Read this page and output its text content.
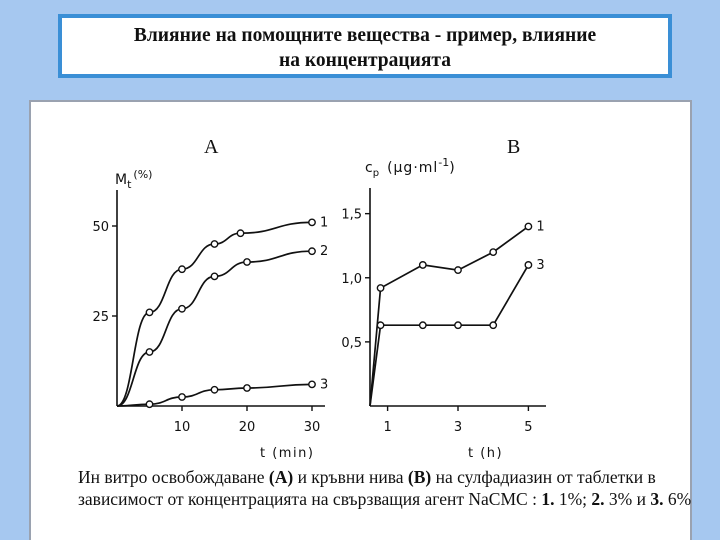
Влияние на помощните вещества - пример, влияние
на концентрацията
A	B
$M_t^{(\%)}$
t (min)
$c_p$ $(\mu g\cdot ml^{-1})$
t (h)
25
50
10	20	30
1
2
3
0,5
1,0
1,5
1	3	5
1
3
Ин витро освобождаване (А) и кръвни нива (В) на сулфадиазин от таблетки в зависимост от концентрацията на свързващия агент NaCMC : 1. 1%; 2. 3% и 3. 6%
